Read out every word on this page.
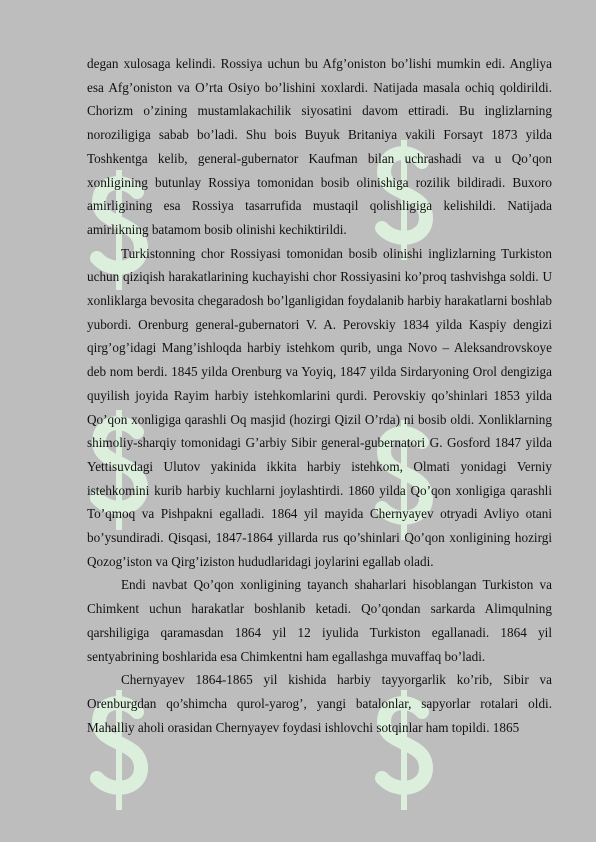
degan xulosaga kelindi. Rossiya uchun bu Afg’oniston bo’lishi mumkin edi. Angliya esa Afg’oniston va O’rta Osiyo bo’lishini xoxlardi. Natijada masala ochiq qoldirildi. Chorizm o’zining mustamlakachilik siyosatini davom ettiradi. Bu inglizlarning noroziligiga sabab bo’ladi. Shu bois Buyuk Britaniya vakili Forsayt 1873 yilda Toshkentga kelib, general-gubernator Kaufman bilan uchrashadi va u Qo’qon xonligining butunlay Rossiya tomonidan bosib olinishiga rozilik bildiradi. Buxoro amirligining esa Rossiya tasarrufida mustaqil qolishligiga kelishildi. Natijada amirlikning batamom bosib olinishi kechiktirildi.

Turkistonning chor Rossiyasi tomonidan bosib olinishi inglizlarning Turkiston uchun qiziqish harakatlarining kuchayishi chor Rossiyasini ko’proq tashvishga soldi. U xonliklarga bevosita chegaradosh bo’lganligidan foydalanib harbiy harakatlarni boshlab yubordi. Orenburg general-gubernatori V. A. Perovskiy 1834 yilda Kaspiy dengizi qirg’og’idagi Mang’ishloqda harbiy istehkom qurib, unga Novo – Aleksandrovskoye deb nom berdi. 1845 yilda Orenburg va Yoyiq, 1847 yilda Sirdaryoning Orol dengiziga quyilish joyida Rayim harbiy istehkomlarini qurdi. Perovskiy qo’shinlari 1853 yilda Qo’qon xonligiga qarashli Oq masjid (hozirgi Qizil O’rda) ni bosib oldi. Xonliklarning shimoliy-sharqiy tomonidagi G’arbiy Sibir general-gubernatori G. Gosford 1847 yilda Yettisuvdagi Ulutov yakinida ikkita harbiy istehkom, Olmati yonidagi Verniy istehkomini kurib harbiy kuchlarni joylashtirdi. 1860 yilda Qo’qon xonligiga qarashli To’qmoq va Pishpakni egalladi. 1864 yil mayida Chernyayev otryadi Avliyo otani bo’ysundiradi. Qisqasi, 1847-1864 yillarda rus qo’shinlari Qo’qon xonligining hozirgi Qozog’iston va Qirg’iziston hududlaridagi joylarini egallab oladi.

Endi navbat Qo’qon xonligining tayanch shaharlari hisoblangan Turkiston va Chimkent uchun harakatlar boshlanib ketadi. Qo’qondan sarkarda Alimqulning qarshiligiga qaramasdan 1864 yil 12 iyulida Turkiston egallanadi. 1864 yil sentyabrining boshlarida esa Chimkentni ham egallashga muvaffaq bo’ladi.

Chernyayev 1864-1865 yil kishida harbiy tayyorgarlik ko’rib, Sibir va Orenburgdan qo’shimcha qurol-yarog’, yangi batalonlar, sapyorlar rotalari oldi. Mahalliy aholi orasidan Chernyayev foydasi ishlovchi sotqinlar ham topildi. 1865
